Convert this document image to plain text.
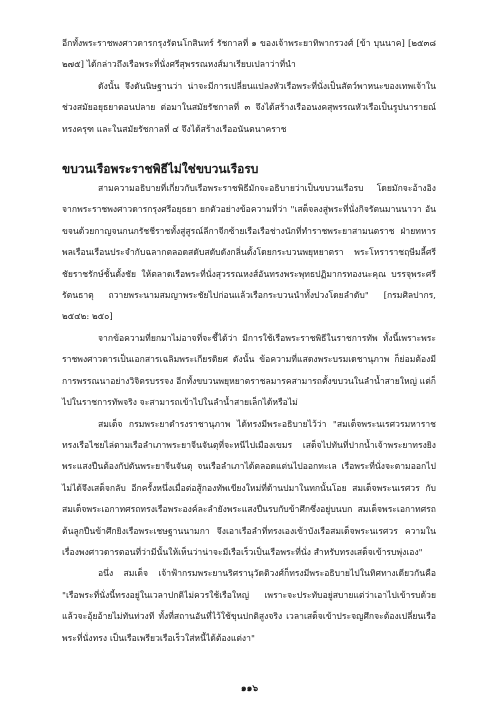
อีกทั้งพระราชพงศาวดารกรุงรัตนโกสินทร์ รัชกาลที่ ๑ ของเจ้าพระยาทิพากรวงศ์ [ข้า บุนนาค] [๒๕๓๘ ๒๗๕] ได้กล่าวถึงเรือพระที่นั่งศรีสุพรรณหงส์มาเรียบเปลาว่าที่นำ

ดังนั้น จึงดันนิษฐานว่า น่าจะมีการเปลี่ยนแปลงหัวเรือพระที่นั่งเป็นสัตว์พาหนะของเทพเจ้าในช่วงสมัยอยุธยาตอนปลาย ต่อมาในสมัยรัชกาลที่ ๓ จึงได้สร้างเรืออนงคสุพรรณหัวเรือเป็นรูปนารายณ์ทรงครุฑ และในสมัยรัชกาลที่ ๔ จึงได้สร้างเรืออนันตนาคราช

ขบวนเรือพระราชพิธีไม่ใช่ขบวนเรือรบ

สามความอธิบายที่เกี่ยวกับเรือพระราชพิธีมักจะอธิบายว่าเป็นขบวนเรือรบ โดยมักจะอ้างอิงจากพระราชพงศาวดารกรุงศรีอยุธยา ยกตัวอย่างข้อความที่ว่า "เสด็จลงสู่พระที่นั่งกิจรัตนมานนาวา อันขจนด้วยกาญจนกนกรัชชีราชทั้งสู่สูรณ์ลีกาจีกซ้ายเรือเรือช่างนักที่ทำราชพระยาสามนตราช ฝ่ายทหารพลเรือนเรือนประจำกับฉลากตลอดสดับสดับดังกลิ่นตั้งโดยกระบวนพยุหยาตรา พระโหราราชฤษีมลี้ศรีชัยราชรักษ์ชั้นตั้งชัย ให้ตลาดเรือพระที่นั่งสุวรรณหงส์อันทรงพระพุทธปฏิมากรทองนะคุณ บรรจุพระศรีรัตนธาตุ ถวายพระนามสมญาพระชัยไปก่อนแล้วเรือกระบวนนำทั้งปวงโดยลำดับ" [กรมศิลปากร, ๒๕๔๒: ๒๕๐]

จากข้อความที่ยกมาไม่อาจที่จะชี้ได้ว่า มีการใช้เรือพระราชพิธีในราชการทัพ ทั้งนี้เพราะพระราชพงศาวดารเป็นเอกสารเฉลิมพระเกียรติยศ ดังนั้น ข้อความที่แสดงพระบรมเดชานุภาพ ก็ย่อมต้องมีการพรรณนาอย่างวิจิตรบรรจง อีกทั้งขบวนพยุหยาตราชลมารคสามารถตั้งขบวนในลำน้ำสายใหญ่ แต่ก็ไปในราชการทัพจริง จะสามารถเข้าไปในลำน้ำสายเล็กได้หรือไม่

สมเด็จ กรมพระยาดำรงราชานุภาพ ได้ทรงมีพระอธิบายไว้ว่า "สมเด็จพระนเรศวรมหาราชทรงเรือไชยไล่ตามเรือลำเภาพระยาจีนจันตุที่จะหนีไปเมืองเขมร เสด็จไปทันที่ปากน้ำเจ้าพระยาทรงยิงพระแสงปืนต้องกัปตันพระยาจีนจันตุ จนเรือลำเภาได้ตลอดแต่นไปออกทะเล เรือพระที่นั่งจะตามออกไปไม่ได้จึงเสด็จกลับ อีกครั้งหนึ่งเมื่อต่อสู้กองทัพเขียงใหม่ที่ด้านปมาในทกนั้นโอย สมเด็จพระนเรศวร กับสมเด็จพระเอกาทศรถทรงเรือพระองค์ละลำยังพระแสงปืนรบกับข้าศึกซึ่งอยู่บนบก สมเด็จพระเอกาทศรถ ต้นลูกปืนข้าศึกยิงเรือพระเชษฐานนามกา จึงเอาเรือลำที่ทรงเองเข้าบังเรือสมเด็จพระนเรศวร ความในเรื่องพงศาวดารตอนที่ว่ามีนั้นให้เห็นว่าน่าจะมีเรือเร็วเป็นเรือพระที่นั่ง สำหรับทรงเสด็จเข้ารบพุ่งเอง"

อนึ่ง สมเด็จ เจ้าฟ้ากรมพระยานริศรานุวัดติวงศ์ก็ทรงมีพระอธิบายไปในทิศทางเดียวกันคือ "เรือพระที่นั่งนี้ทรงอยู่ในเวลาปกติไม่ควรใช้เรือใหญ่ เพราะจะประทับอยู่สบายแต่ว่าเอาไปเข้ารบด้วยแล้วจะอุ้ยอ้ายไม่ทันท่วงที ทั้งที่สถานอันที่ไว้ใช้ขุนปกติสูงจริง เวลาเสด็จเข้าประจญศึกจะต้องเปลี่ยนเรือพระที่นั่งทรง เป็นเรือเพรียวเรือเร็วใส่หนี้ได้ต้องแต่งา"

๑๑๖
